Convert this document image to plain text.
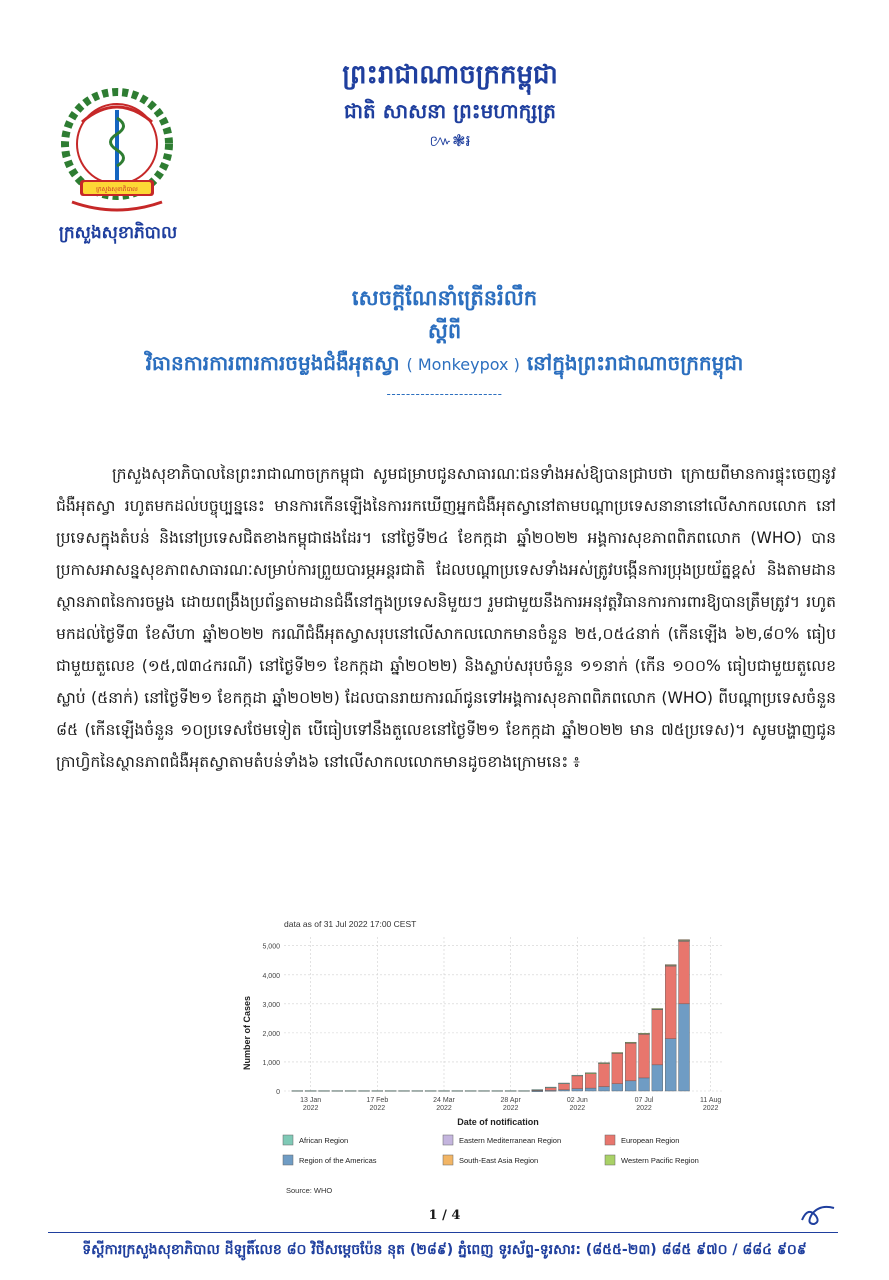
ព្រះរាជាណាចក្រកម្ពុជា
ជាតិ សាសនា ព្រះមហាក្សត្រ
៚❃៛
ក្រសួងសុខាភិបាល
ក្រសួងសុខាភិបាល
សេចក្តីណែនាំត្រើនរំលឹក
ស្តីពី
វិធានការការពារការចម្លងជំងឺអុតស្វា ( Monkeypox ) នៅក្នុងព្រះរាជាណាចក្រកម្ពុជា
------------------------
ក្រសួងសុខាភិបាលនៃព្រះរាជាណាចក្រកម្ពុជា សូមជម្រាបជូនសាធារណៈជនទាំងអស់ឱ្យបានជ្រាបថា ក្រោយពីមានការផ្ទុះចេញនូវជំងឺអុតស្វា រហូតមកដល់បច្ចុប្បន្ននេះ មានការកើនឡើងនៃការរកឃើញអ្នកជំងឺអុតស្វានៅតាមបណ្តាប្រទេសនានានៅលើសាកលលោក នៅប្រទេសក្នុងតំបន់ និងនៅប្រទេសជិតខាងកម្ពុជាផងដែរ។ នៅថ្ងៃទី២៤ ខែកក្កដា ឆ្នាំ២០២២ អង្គការសុខភាពពិភពលោក (WHO) បានប្រកាសអាសន្នសុខភាពសាធារណៈសម្រាប់ការព្រួយបារម្ភអន្តរជាតិ ដែលបណ្តាប្រទេសទាំងអស់ត្រូវបង្កើនការប្រុងប្រយ័ត្នខ្ពស់ និងតាមដានស្ថានភាពនៃការចម្លង ដោយពង្រឹងប្រព័ន្ធតាមដានជំងឺនៅក្នុងប្រទេសនិមួយៗ រួមជាមួយនឹងការអនុវត្តវិធានការការពារឱ្យបានត្រឹមត្រូវ។ រហូតមកដល់ថ្ងៃទី៣ ខែសីហា ឆ្នាំ២០២២ ករណីជំងឺអុតស្វាសរុបនៅលើសាកលលោកមានចំនួន ២៥,០៥៤នាក់ (កើនឡើង ៦២,៨០% ធៀបជាមួយតួលេខ (១៥,៧៣៤ករណី) នៅថ្ងៃទី២១ ខែកក្កដា ឆ្នាំ២០២២) និងស្លាប់សរុបចំនួន ១១នាក់ (កើន ១០០% ធៀបជាមួយតួលេខស្លាប់ (៥នាក់) នៅថ្ងៃទី២១ ខែកក្កដា ឆ្នាំ២០២២) ដែលបានរាយការណ៍ជូនទៅអង្គការសុខភាពពិភពលោក (WHO) ពីបណ្តាប្រទេសចំនួន ៨៥ (កើនឡើងចំនួន ១០ប្រទេសថែមទៀត បើធៀបទៅនឹងតួលេខនៅថ្ងៃទី២១ ខែកក្កដា ឆ្នាំ២០២២ មាន ៧៥ប្រទេស)។ សូមបង្ហាញជូនក្រាហ្វិកនៃស្ថានភាពជំងឺអុតស្វាតាមតំបន់ទាំង៦ នៅលើសាកលលោកមានដូចខាងក្រោមនេះ ៖
data as of 31 Jul 2022 17:00 CEST
0
1,000
2,000
3,000
4,000
5,000
13 Jan
2022
17 Feb
2022
24 Mar
2022
28 Apr
2022
02 Jun
2022
07 Jul
2022
11 Aug
2022
Number of Cases
Date of notification
African Region	Eastern Mediterranean Region	European Region
Region of the Americas	South-East Asia Region	Western Pacific Region
Source: WHO
1 / 4
ទីស្តីការក្រសួងសុខាភិបាល ដីឡូតិ៍លេខ ៨០ វិថីសម្តេចប៉ែន នុត (២៨៩) ភ្នំពេញ ទូរស័ព្ទ-ទូរសារ: (៨៥៥-២៣) ៨៨៥ ៩៧០ / ៨៨៤ ៩០៩
